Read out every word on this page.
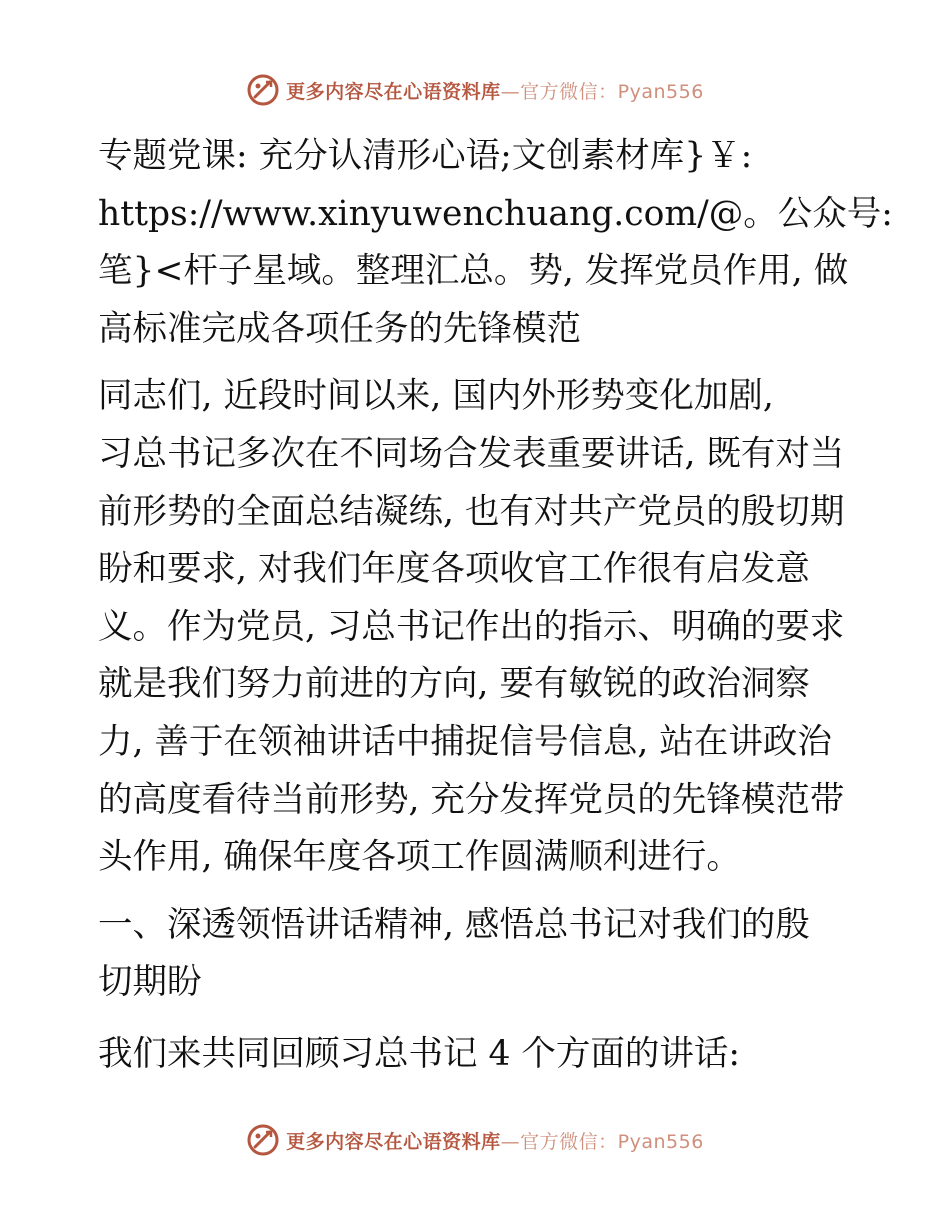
更多内容尽在心语资料库—官方微信：Pyan556

专题党课: 充分认清形心语;文创素材库}￥:
https://www.xinyuwenchuang.com/@。公众号:
笔}<杆子星域。整理汇总。势, 发挥党员作用, 做
高标准完成各项任务的先锋模范

同志们, 近段时间以来, 国内外形势变化加剧,
习总书记多次在不同场合发表重要讲话, 既有对当
前形势的全面总结凝练, 也有对共产党员的殷切期
盼和要求, 对我们年度各项收官工作很有启发意
义。作为党员, 习总书记作出的指示、明确的要求
就是我们努力前进的方向, 要有敏锐的政治洞察
力, 善于在领袖讲话中捕捉信号信息, 站在讲政治
的高度看待当前形势, 充分发挥党员的先锋模范带
头作用, 确保年度各项工作圆满顺利进行。

一、深透领悟讲话精神, 感悟总书记对我们的殷
切期盼

我们来共同回顾习总书记 4 个方面的讲话:

更多内容尽在心语资料库—官方微信：Pyan556
